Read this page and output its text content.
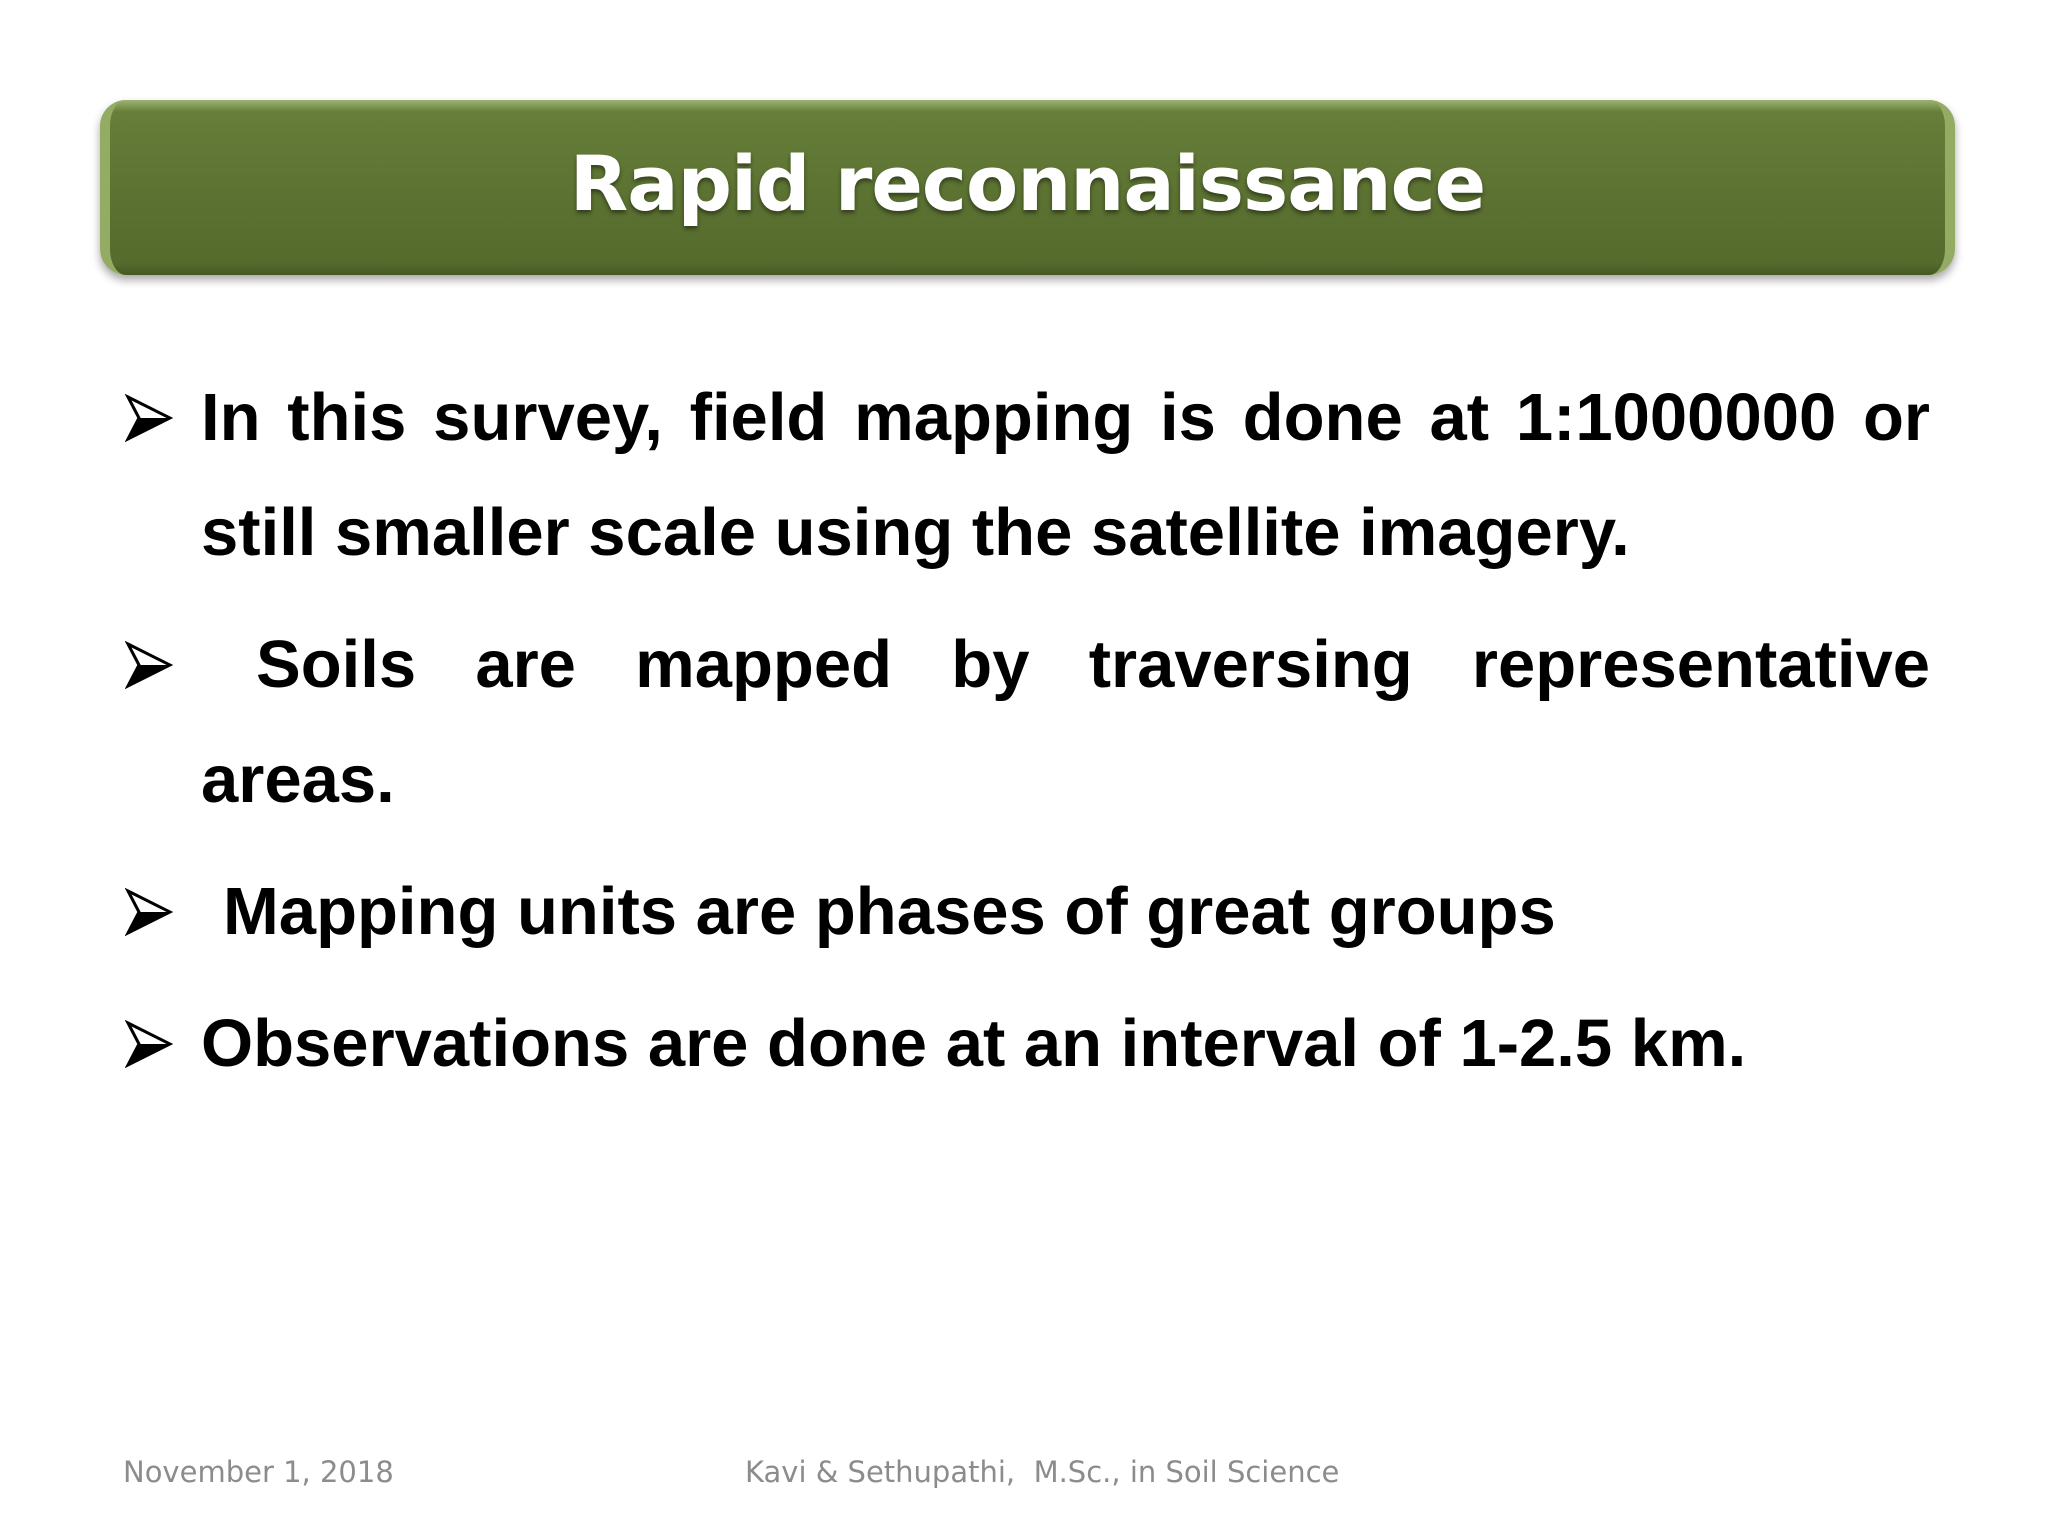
Rapid reconnaissance
In this survey, field mapping is done at 1:1000000 or still smaller scale using the satellite imagery.
Soils are mapped by traversing representative areas.
Mapping units are phases of great groups
Observations are done at an interval of 1-2.5 km.
November 1, 2018	Kavi & Sethupathi,  M.Sc., in Soil Science
